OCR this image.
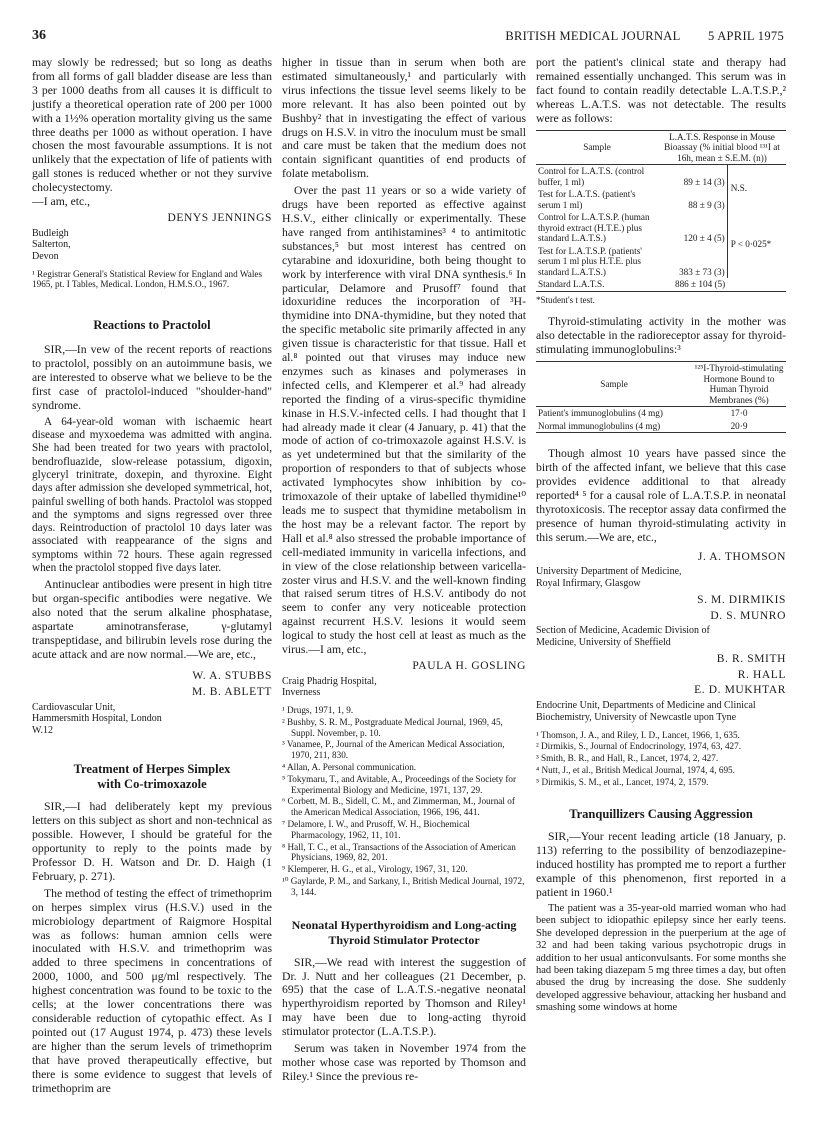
36	BRITISH MEDICAL JOURNAL 5 APRIL 1975

may slowly be redressed; but so long as deaths from all forms of gall bladder disease are less than 3 per 1000 deaths from all causes it is difficult to justify a theoretical operation rate of 200 per 1000 with a 1½% operation mortality giving us the same three deaths per 1000 as without operation. I have chosen the most favourable assumptions. It is not unlikely that the expectation of life of patients with gall stones is reduced whether or not they survive cholecystectomy.

—I am, etc.,

DENYS JENNINGS
Budleigh Salterton, Devon
¹ Registrar General's Statistical Review for England and Wales 1965, pt. I Tables, Medical. London, H.M.S.O., 1967.
Reactions to Practolol

SIR,—In vew of the recent reports of reactions to practolol, possibly on an autoimmune basis, we are interested to observe what we believe to be the first case of practolol-induced "shoulder-hand" syndrome.

A 64-year-old woman with ischaemic heart disease and myxoedema was admitted with angina. She had been treated for two years with practolol, bendrofluazide, slow-release potassium, digoxin, glyceryl trinitrate, doxepin, and thyroxine. Eight days after admission she developed symmetrical, hot, painful swelling of both hands. Practolol was stopped and the symptoms and signs regressed over three days. Reintroduction of practolol 10 days later was associated with reappearance of the signs and symptoms within 72 hours. These again regressed when the practolol stopped five days later.

Antinuclear antibodies were present in high titre but organ-specific antibodies were negative. We also noted that the serum alkaline phosphatase, aspartate aminotransferase, γ-glutamyl transpeptidase, and bilirubin levels rose during the acute attack and are now normal.—We are, etc.,

W. A. STUBBS
M. B. ABLETT
Cardiovascular Unit, Hammersmith Hospital, London W.12
Treatment of Herpes Simplex with Co-trimoxazole

SIR,—I had deliberately kept my previous letters on this subject as short and non-technical as possible. However, I should be grateful for the opportunity to reply to the points made by Professor D. H. Watson and Dr. D. Haigh (1 February, p. 271).

The method of testing the effect of trimethoprim on herpes simplex virus (H.S.V.) used in the microbiology department of Raigmore Hospital was as follows: human amnion cells were inoculated with H.S.V. and trimethoprim was added to three specimens in concentrations of 2000, 1000, and 500 μg/ml respectively. The highest concentration was found to be toxic to the cells; at the lower concentrations there was considerable reduction of cytopathic effect. As I pointed out (17 August 1974, p. 473) these levels are higher than the serum levels of trimethoprim that have proved therapeutically effective, but there is some evidence to suggest that levels of trimethoprim are

higher in tissue than in serum when both are estimated simultaneously,¹ and particularly with virus infections the tissue level seems likely to be more relevant. It has also been pointed out by Bushby² that in investigating the effect of various drugs on H.S.V. in vitro the inoculum must be small and care must be taken that the medium does not contain significant quantities of end products of folate metabolism.

Over the past 11 years or so a wide variety of drugs have been reported as effective against H.S.V., either clinically or experimentally. These have ranged from antihistamines³ ⁴ to antimitotic substances,⁵ but most interest has centred on cytarabine and idoxuridine, both being thought to work by interference with viral DNA synthesis.⁶ In particular, Delamore and Prusoff⁷ found that idoxuridine reduces the incorporation of ³H-thymidine into DNA-thymidine, but they noted that the specific metabolic site primarily affected in any given tissue is characteristic for that tissue. Hall et al.⁸ pointed out that viruses may induce new enzymes such as kinases and polymerases in infected cells, and Klemperer et al.⁹ had already reported the finding of a virus-specific thymidine kinase in H.S.V.-infected cells. I had thought that I had already made it clear (4 January, p. 41) that the mode of action of co-trimoxazole against H.S.V. is as yet undetermined but that the similarity of the proportion of responders to that of subjects whose activated lymphocytes show inhibition by co-trimoxazole of their uptake of labelled thymidine¹⁰ leads me to suspect that thymidine metabolism in the host may be a relevant factor. The report by Hall et al.⁸ also stressed the probable importance of cell-mediated immunity in varicella infections, and in view of the close relationship between varicella-zoster virus and H.S.V. and the well-known finding that raised serum titres of H.S.V. antibody do not seem to confer any very noticeable protection against recurrent H.S.V. lesions it would seem logical to study the host cell at least as much as the virus.—I am, etc.,

PAULA H. GOSLING
Craig Phadrig Hospital, Inverness
¹ Drugs, 1971, 1, 9.
² Bushby, S. R. M., Postgraduate Medical Journal, 1969, 45, Suppl. November, p. 10.
³ Vanamee, P., Journal of the American Medical Association, 1970, 211, 830.
⁴ Allan, A. Personal communication.
⁵ Tokymaru, T., and Avitable, A., Proceedings of the Society for Experimental Biology and Medicine, 1971, 137, 29.
⁶ Corbett, M. B., Sidell, C. M., and Zimmerman, M., Journal of the American Medical Association, 1966, 196, 441.
⁷ Delamore, I. W., and Prusoff, W. H., Biochemical Pharmacology, 1962, 11, 101.
⁸ Hall, T. C., et al., Transactions of the Association of American Physicians, 1969, 82, 201.
⁹ Klemperer, H. G., et al., Virology, 1967, 31, 120.
¹⁰ Gaylarde, P. M., and Sarkany, I., British Medical Journal, 1972, 3, 144.
Neonatal Hyperthyroidism and Long-acting Thyroid Stimulator Protector

SIR,—We read with interest the suggestion of Dr. J. Nutt and her colleagues (21 December, p. 695) that the case of L.A.T.S.-negative neonatal hyperthyroidism reported by Thomson and Riley¹ may have been due to long-acting thyroid stimulator protector (L.A.T.S.P.).

Serum was taken in November 1974 from the mother whose case was reported by Thomson and Riley.¹ Since the previous re-

port the patient's clinical state and therapy had remained essentially unchanged. This serum was in fact found to contain readily detectable L.A.T.S.P.,² whereas L.A.T.S. was not detectable. The results were as follows:

Sample	L.A.T.S. Response in Mouse Bioassay (% initial blood ¹³¹I at 16h, mean ± S.E.M. (n))	
Control for L.A.T.S. (control buffer, 1 ml)	89 ± 14 (3)	N.S.
Test for L.A.T.S. (patient's serum 1 ml)	88 ± 9 (3)	
Control for L.A.T.S.P. (human thyroid extract (H.T.E.) plus standard L.A.T.S.)	120 ± 4 (5)	P < 0·025*
Test for L.A.T.S.P. (patients' serum 1 ml plus H.T.E. plus standard L.A.T.S.)	383 ± 73 (3)	
Standard L.A.T.S.	886 ± 104 (5)	
*Student's t test.

Thyroid-stimulating activity in the mother was also detectable in the radioreceptor assay for thyroid-stimulating immunoglobulins:³

Sample	¹²⁵I-Thyroid-stimulating Hormone Bound to Human Thyroid Membranes (%)
Patient's immunoglobulins (4 mg)	17·0
Normal immunoglobulins (4 mg)	20·9

Though almost 10 years have passed since the birth of the affected infant, we believe that this case provides evidence additional to that already reported⁴ ⁵ for a causal role of L.A.T.S.P. in neonatal thyrotoxicosis. The receptor assay data confirmed the presence of human thyroid-stimulating activity in this serum.—We are, etc.,

J. A. THOMSON
University Department of Medicine, Royal Infirmary, Glasgow
S. M. DIRMIKIS
D. S. MUNRO
Section of Medicine, Academic Division of Medicine, University of Sheffield
B. R. SMITH
R. HALL
E. D. MUKHTAR
Endocrine Unit, Departments of Medicine and Clinical Biochemistry, University of Newcastle upon Tyne
¹ Thomson, J. A., and Riley, I. D., Lancet, 1966, 1, 635.
² Dirmikis, S., Journal of Endocrinology, 1974, 63, 427.
³ Smith, B. R., and Hall, R., Lancet, 1974, 2, 427.
⁴ Nutt, J., et al., British Medical Journal, 1974, 4, 695.
⁵ Dirmikis, S. M., et al., Lancet, 1974, 2, 1579.
Tranquillizers Causing Aggression

SIR,—Your recent leading article (18 January, p. 113) referring to the possibility of benzodiazepine-induced hostility has prompted me to report a further example of this phenomenon, first reported in a patient in 1960.¹

The patient was a 35-year-old married woman who had been subject to idiopathic epilepsy since her early teens. She developed depression in the puerperium at the age of 32 and had been taking various psychotropic drugs in addition to her usual anticonvulsants. For some months she had been taking diazepam 5 mg three times a day, but often abused the drug by increasing the dose. She suddenly developed aggressive behaviour, attacking her husband and smashing some windows at home
